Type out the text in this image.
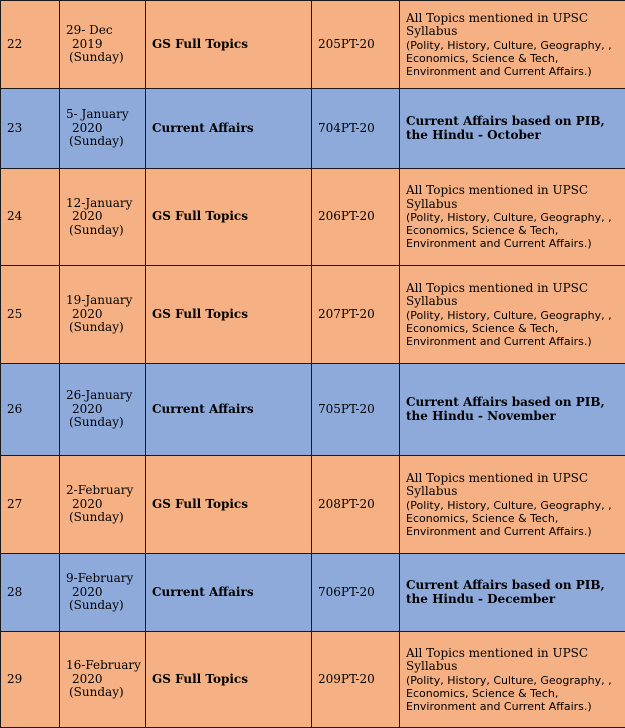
22	29- Dec
2019
(Sunday)	GS Full Topics	205PT-20	All Topics mentioned in UPSC
Syllabus
(Polity, History, Culture, Geography, ,
Economics, Science & Tech,
Environment and Current Affairs.)

23	5- January
2020
(Sunday)	Current Affairs	704PT-20	Current Affairs based on PIB,
the Hindu - October

24	12-January
2020
(Sunday)	GS Full Topics	206PT-20	All Topics mentioned in UPSC
Syllabus
(Polity, History, Culture, Geography, ,
Economics, Science & Tech,
Environment and Current Affairs.)

25	19-January
2020
(Sunday)	GS Full Topics	207PT-20	All Topics mentioned in UPSC
Syllabus
(Polity, History, Culture, Geography, ,
Economics, Science & Tech,
Environment and Current Affairs.)

26	26-January
2020
(Sunday)	Current Affairs	705PT-20	Current Affairs based on PIB,
the Hindu - November

27	2-February
2020
(Sunday)	GS Full Topics	208PT-20	All Topics mentioned in UPSC
Syllabus
(Polity, History, Culture, Geography, ,
Economics, Science & Tech,
Environment and Current Affairs.)

28	9-February
2020
(Sunday)	Current Affairs	706PT-20	Current Affairs based on PIB,
the Hindu - December

29	16-February
2020
(Sunday)	GS Full Topics	209PT-20	All Topics mentioned in UPSC
Syllabus
(Polity, History, Culture, Geography, ,
Economics, Science & Tech,
Environment and Current Affairs.)
